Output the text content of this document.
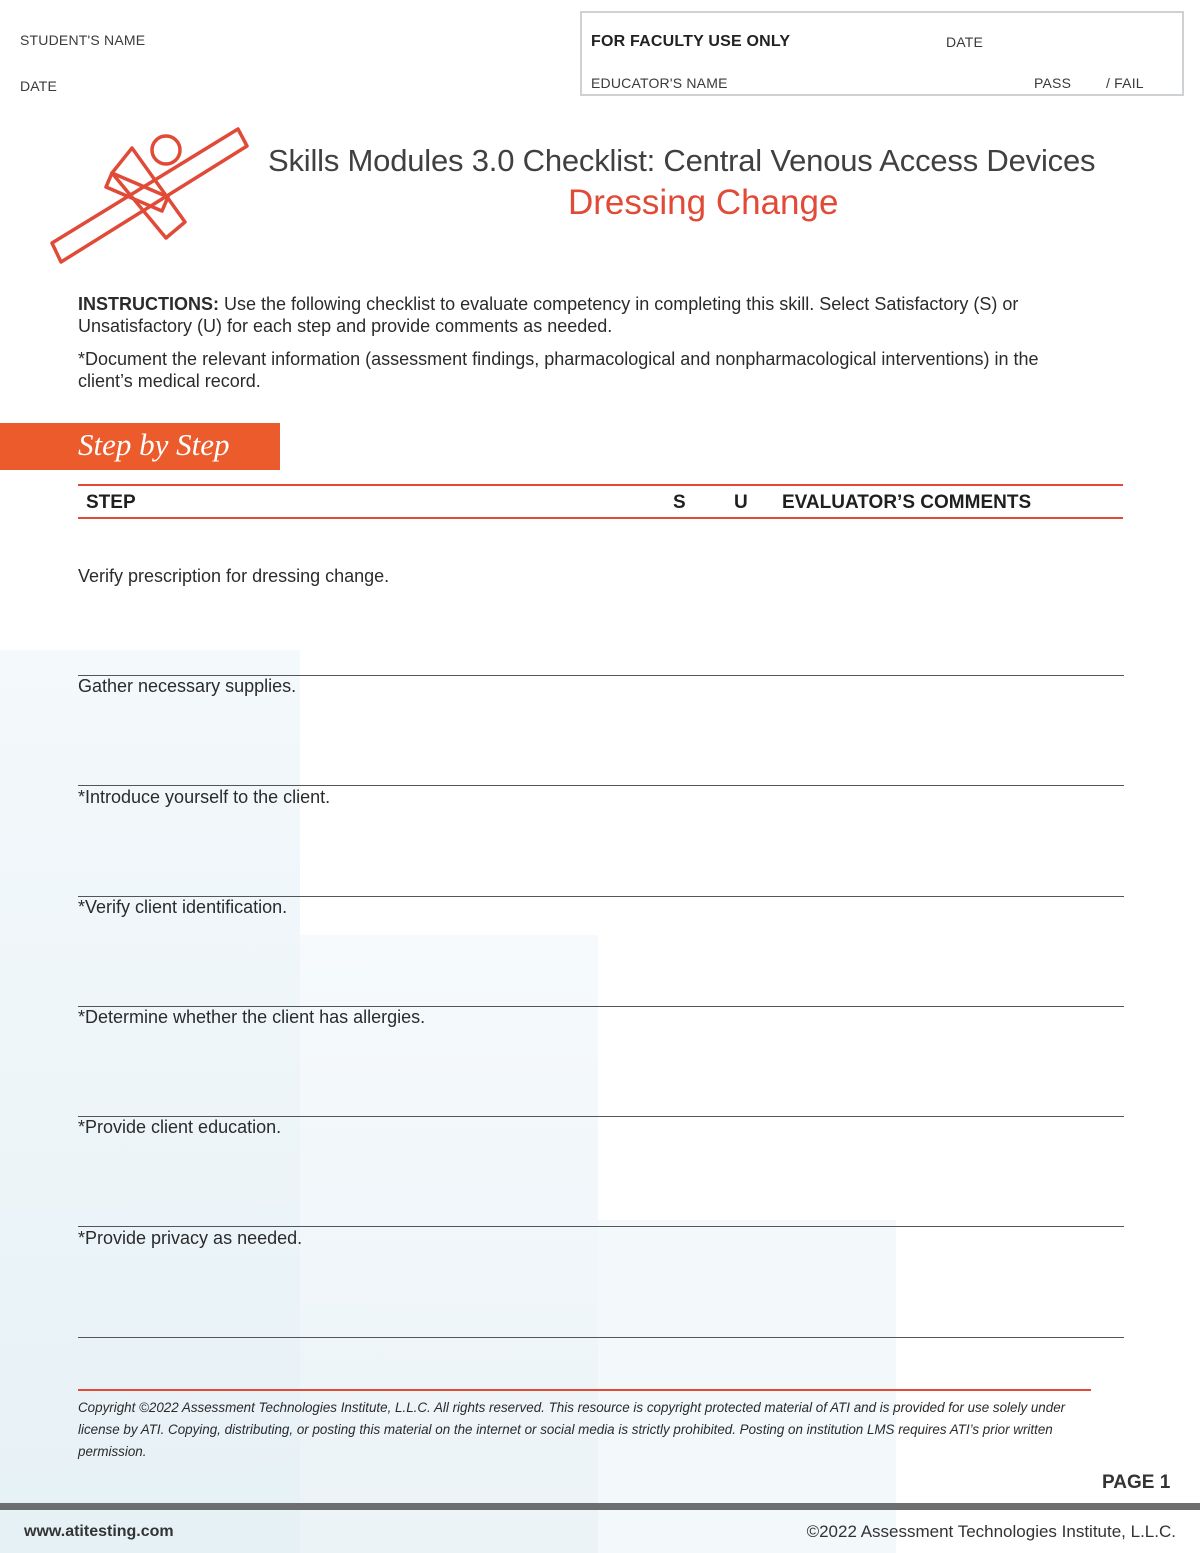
STUDENT'S NAME
DATE
FOR FACULTY USE ONLY	DATE
EDUCATOR'S NAME	PASS / FAIL
Skills Modules 3.0 Checklist: Central Venous Access Devices
Dressing Change

INSTRUCTIONS: Use the following checklist to evaluate competency in completing this skill. Select Satisfactory (S) or Unsatisfactory (U) for each step and provide comments as needed.

*Document the relevant information (assessment findings, pharmacological and nonpharmacological interventions) in the client’s medical record.

Step by Step
STEP	S	U EVALUATOR’S COMMENTS
Verify prescription for dressing change.
Gather necessary supplies.
*Introduce yourself to the client.
*Verify client identification.
*Determine whether the client has allergies.
*Provide client education.
*Provide privacy as needed.
Copyright ©2022 Assessment Technologies Institute, L.L.C. All rights reserved. This resource is copyright protected material of ATI and is provided for use solely under license by ATI. Copying, distributing, or posting this material on the internet or social media is strictly prohibited. Posting on institution LMS requires ATI’s prior written permission.
PAGE 1
www.atitesting.com	©2022 Assessment Technologies Institute, L.L.C.
